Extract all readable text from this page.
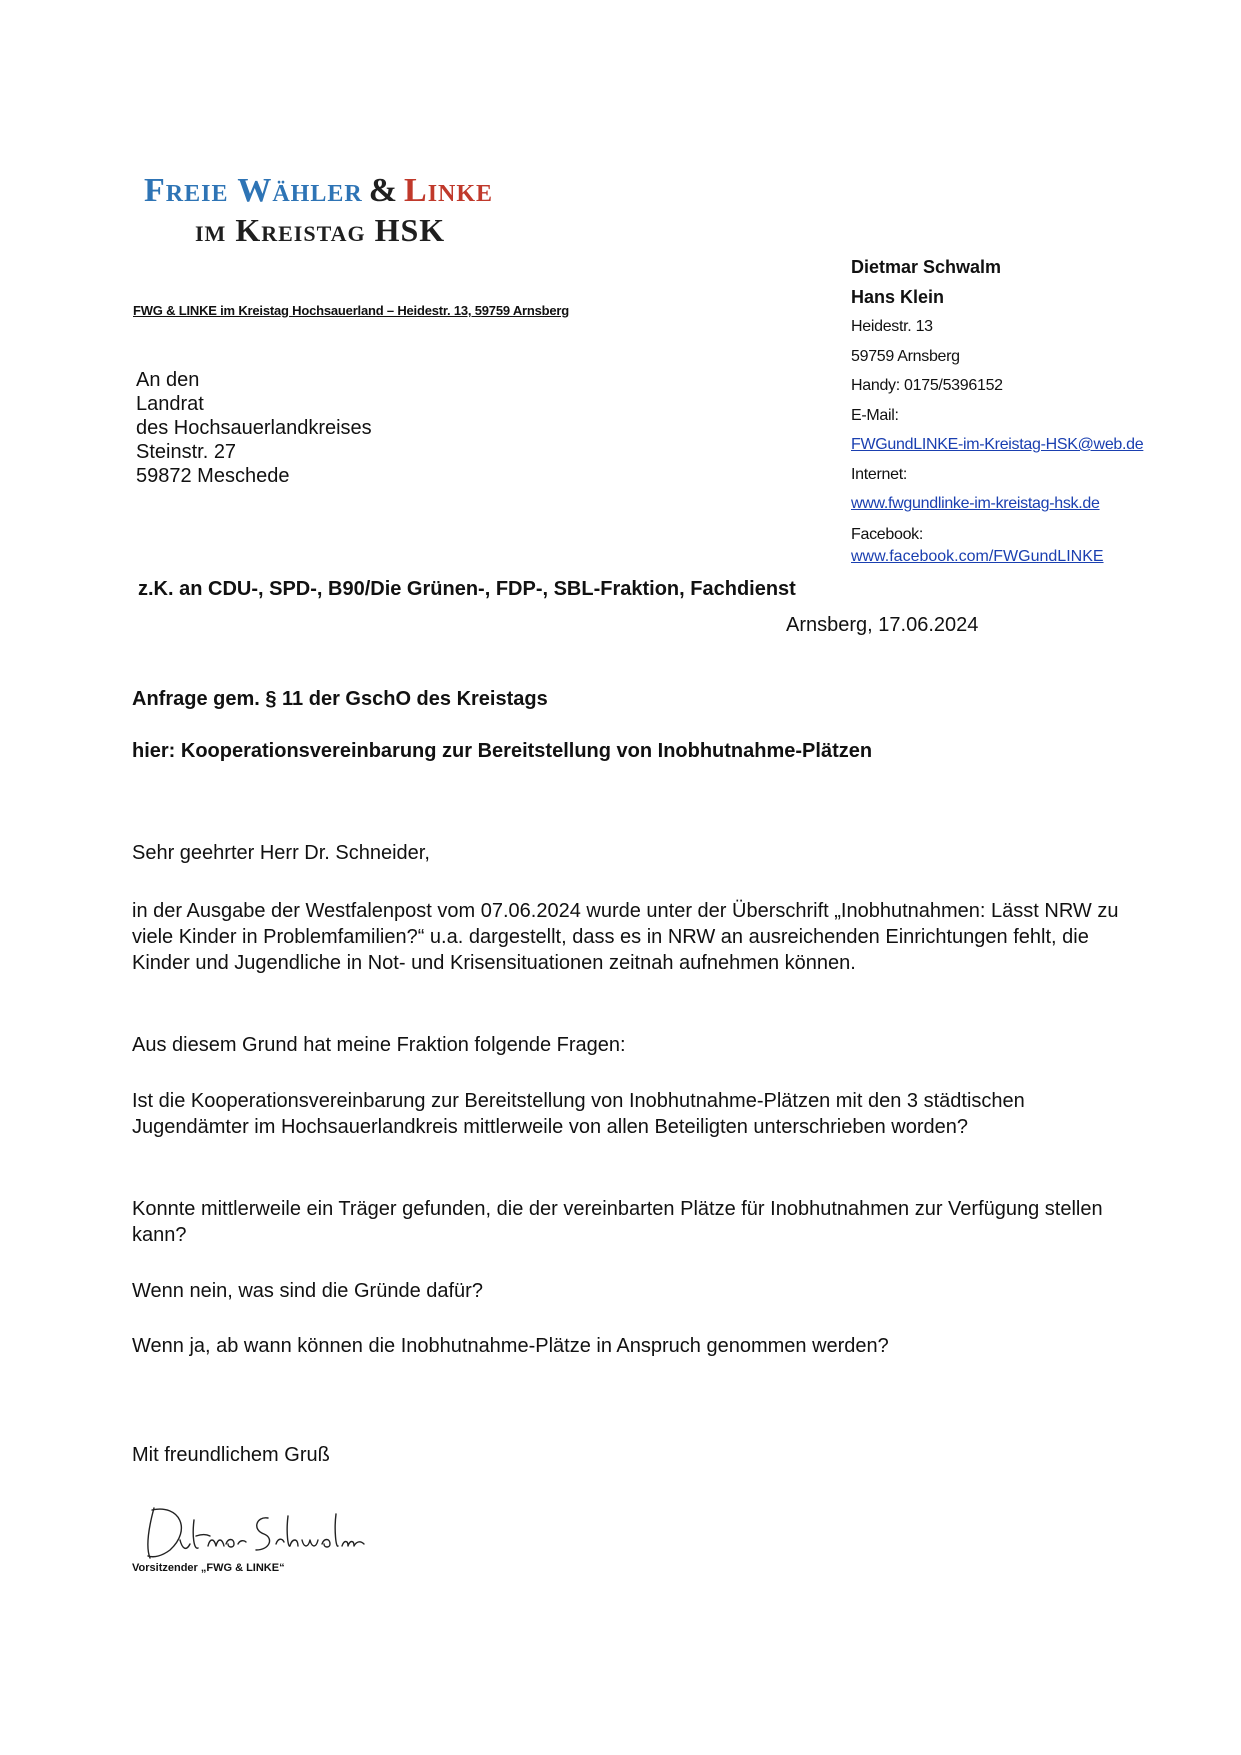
Freie Wähler & Linke
im Kreistag HSK
FWG & LINKE im Kreistag Hochsauerland – Heidestr. 13, 59759 Arnsberg
An den
Landrat
des Hochsauerlandkreises
Steinstr. 27
59872 Meschede
Dietmar Schwalm
Hans Klein
Heidestr. 13
59759 Arnsberg
Handy: 0175/5396152
E-Mail:
FWGundLINKE-im-Kreistag-HSK@web.de
Internet:
www.fwgundlinke-im-kreistag-hsk.de
Facebook:
www.facebook.com/FWGundLINKE
z.K. an CDU-, SPD-, B90/Die Grünen-, FDP-, SBL-Fraktion, Fachdienst
Arnsberg, 17.06.2024
Anfrage gem. § 11 der GschO des Kreistags
hier: Kooperationsvereinbarung zur Bereitstellung von Inobhutnahme-Plätzen
Sehr geehrter Herr Dr. Schneider,
in der Ausgabe der Westfalenpost vom 07.06.2024 wurde unter der Überschrift „Inobhutnahmen: Lässt NRW zu viele Kinder in Problemfamilien?“ u.a. dargestellt, dass es in NRW an ausreichenden Einrichtungen fehlt, die Kinder und Jugendliche in Not- und Krisensituationen zeitnah aufnehmen können.
Aus diesem Grund hat meine Fraktion folgende Fragen:
Ist die Kooperationsvereinbarung zur Bereitstellung von Inobhutnahme-Plätzen mit den 3 städtischen Jugendämter im Hochsauerlandkreis mittlerweile von allen Beteiligten unterschrieben worden?
Konnte mittlerweile ein Träger gefunden, die der vereinbarten Plätze für Inobhutnahmen zur Verfügung stellen kann?
Wenn nein, was sind die Gründe dafür?
Wenn ja, ab wann können die Inobhutnahme-Plätze in Anspruch genommen werden?
Mit freundlichem Gruß
Vorsitzender „FWG & LINKE“
